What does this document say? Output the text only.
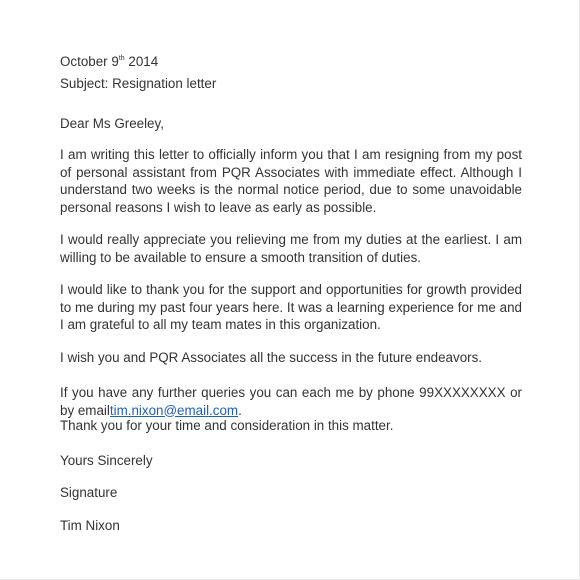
October 9th 2014
Subject: Resignation letter
Dear Ms Greeley,
I am writing this letter to officially inform you that I am resigning from my post of personal assistant from PQR Associates with immediate effect. Although I understand two weeks is the normal notice period, due to some unavoidable personal reasons I wish to leave as early as possible.
I would really appreciate you relieving me from my duties at the earliest. I am willing to be available to ensure a smooth transition of duties.
I would like to thank you for the support and opportunities for growth provided to me during my past four years here. It was a learning experience for me and I am grateful to all my team mates in this organization.
I wish you and PQR Associates all the success in the future endeavors.
If you have any further queries you can each me by phone 99XXXXXXXX or by emailtim.nixon@email.com.
Thank you for your time and consideration in this matter.
Yours Sincerely
Signature
Tim Nixon
